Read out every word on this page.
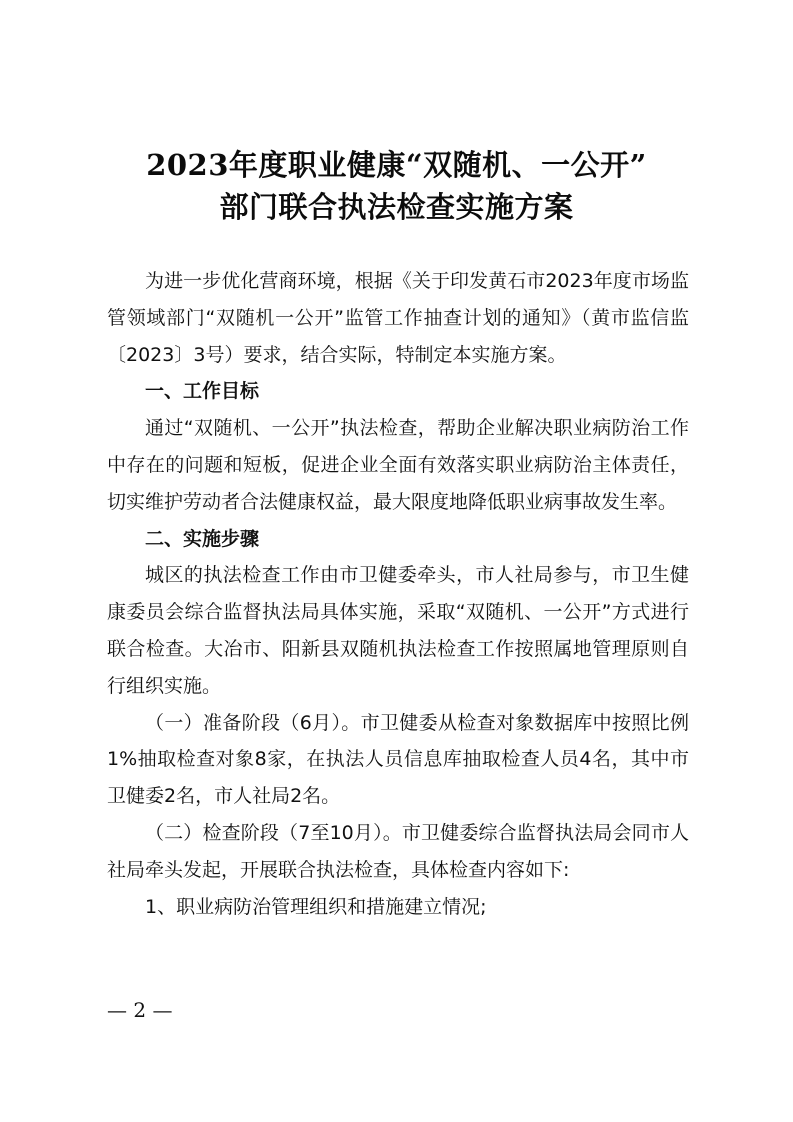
2023年度职业健康“双随机、一公开”
部门联合执法检查实施方案

为进一步优化营商环境，根据《关于印发黄石市2023年度市场监管领域部门“双随机一公开”监管工作抽查计划的通知》（黄市监信监〔2023〕3号）要求，结合实际，特制定本实施方案。

一、工作目标

通过“双随机、一公开”执法检查，帮助企业解决职业病防治工作中存在的问题和短板，促进企业全面有效落实职业病防治主体责任，切实维护劳动者合法健康权益，最大限度地降低职业病事故发生率。

二、实施步骤

城区的执法检查工作由市卫健委牵头，市人社局参与，市卫生健康委员会综合监督执法局具体实施，采取“双随机、一公开”方式进行联合检查。大冶市、阳新县双随机执法检查工作按照属地管理原则自行组织实施。

（一）准备阶段（6月）。市卫健委从检查对象数据库中按照比例1%抽取检查对象8家，在执法人员信息库抽取检查人员4名，其中市卫健委2名，市人社局2名。

（二）检查阶段（7至10月）。市卫健委综合监督执法局会同市人社局牵头发起，开展联合执法检查，具体检查内容如下:

1、职业病防治管理组织和措施建立情况;

— 2 —
